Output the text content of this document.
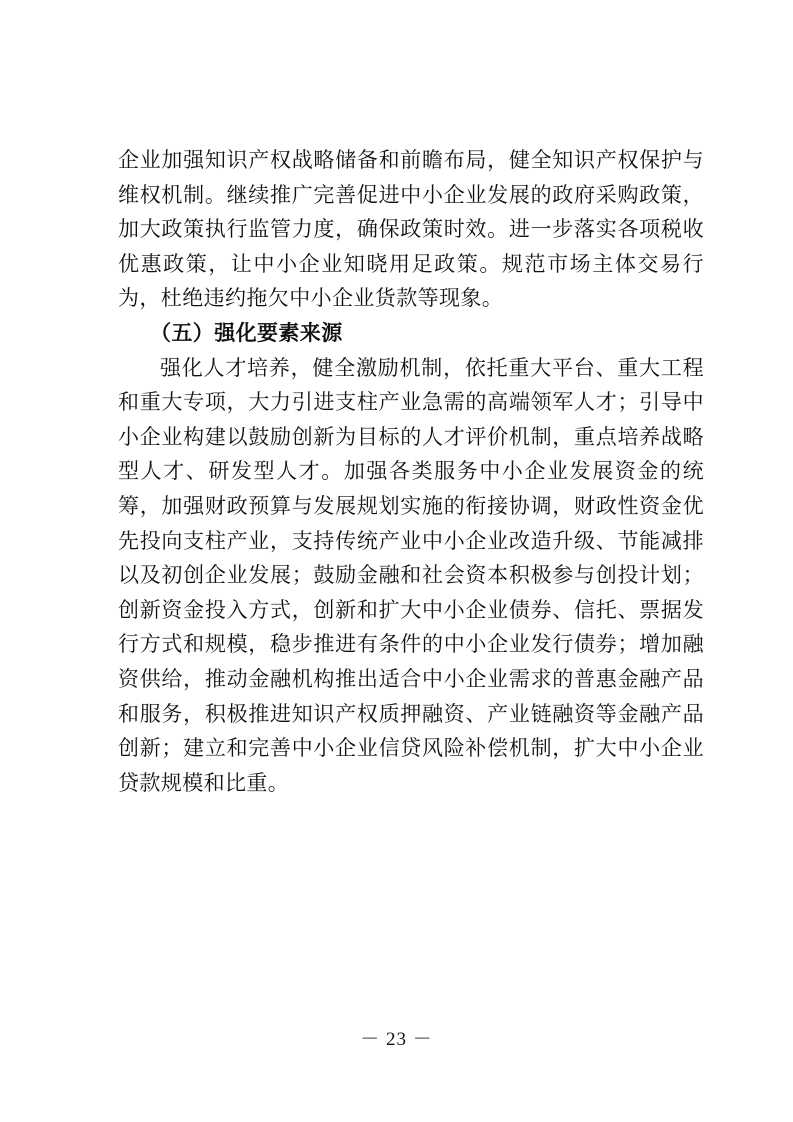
企业加强知识产权战略储备和前瞻布局，健全知识产权保护与维权机制。继续推广完善促进中小企业发展的政府采购政策，加大政策执行监管力度，确保政策时效。进一步落实各项税收优惠政策，让中小企业知晓用足政策。规范市场主体交易行为，杜绝违约拖欠中小企业货款等现象。

（五）强化要素来源

强化人才培养，健全激励机制，依托重大平台、重大工程和重大专项，大力引进支柱产业急需的高端领军人才；引导中小企业构建以鼓励创新为目标的人才评价机制，重点培养战略型人才、研发型人才。加强各类服务中小企业发展资金的统筹，加强财政预算与发展规划实施的衔接协调，财政性资金优先投向支柱产业，支持传统产业中小企业改造升级、节能减排以及初创企业发展；鼓励金融和社会资本积极参与创投计划；创新资金投入方式，创新和扩大中小企业债券、信托、票据发行方式和规模，稳步推进有条件的中小企业发行债券；增加融资供给，推动金融机构推出适合中小企业需求的普惠金融产品和服务，积极推进知识产权质押融资、产业链融资等金融产品创新；建立和完善中小企业信贷风险补偿机制，扩大中小企业贷款规模和比重。

－ 23 －
